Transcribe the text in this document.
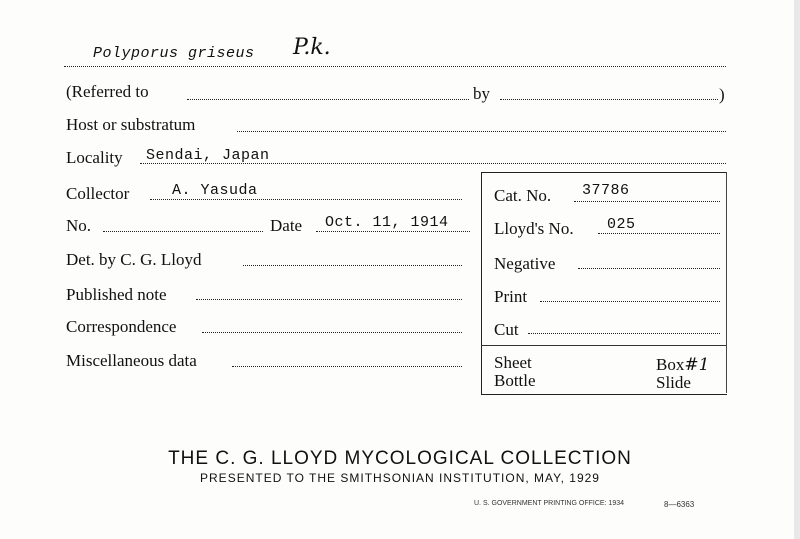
Polyporus griseus P.k.
(Referred to	by	)
Host or substratum
Locality Sendai, Japan
Collector	A. Yasuda
No.	Date Oct. 11, 1914
Det. by C. G. Lloyd
Published note
Correspondence
Miscellaneous data
Cat. No. 37786
Lloyd's No. 025
Negative
Print
Cut
Sheet
Bottle
Box#1
Slide
THE C. G. LLOYD MYCOLOGICAL COLLECTION
PRESENTED TO THE SMITHSONIAN INSTITUTION, MAY, 1929
U. S. GOVERNMENT PRINTING OFFICE: 1934	8—6363
